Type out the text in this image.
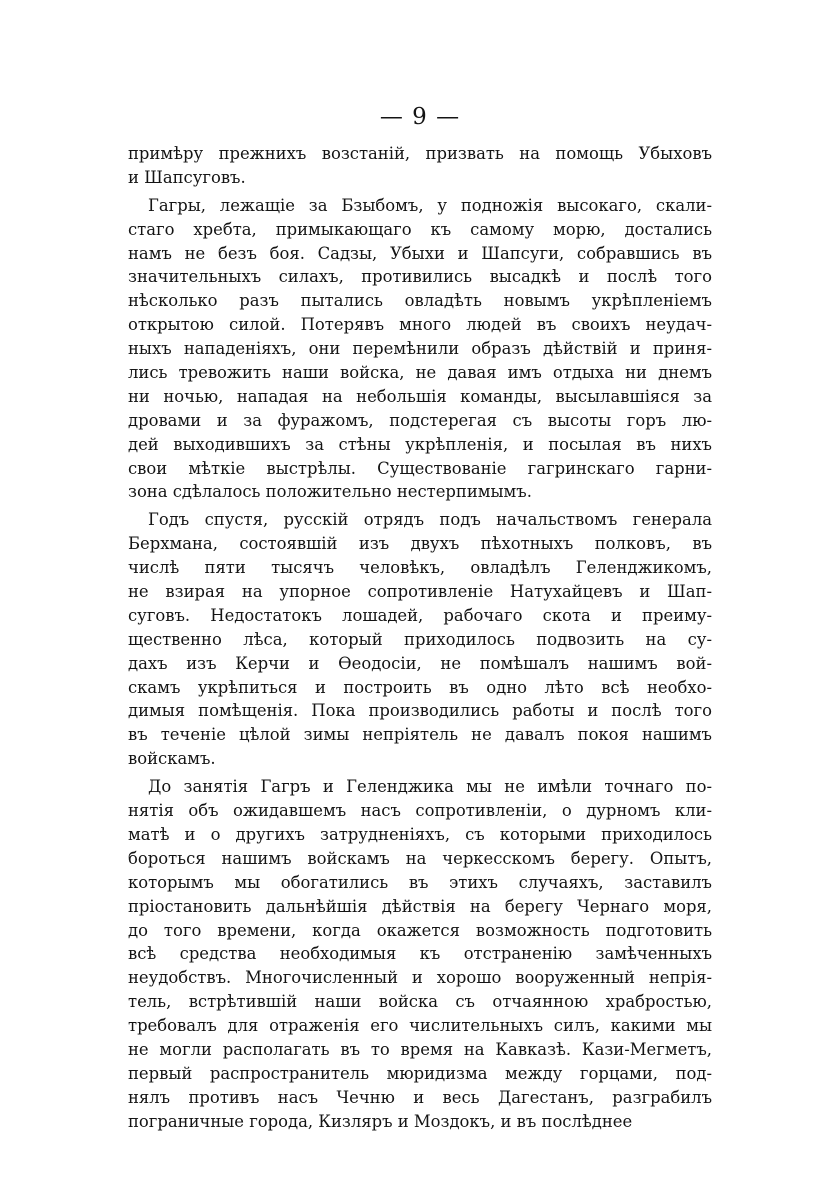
— 9 —
примѣру прежнихъ возстаній, призвать на помощь Убыховъ
и Шапсуговъ.
Гагры, лежащіе за Бзыбомъ, у подножія высокаго, скали-
стаго хребта, примыкающаго къ самому морю, достались
намъ не безъ боя. Садзы, Убыхи и Шапсуги, собравшись въ
значительныхъ силахъ, противились высадкѣ и послѣ того
нѣсколько разъ пытались овладѣть новымъ укрѣпленіемъ
открытою силой. Потерявъ много людей въ своихъ неудач-
ныхъ нападеніяхъ, они перемѣнили образъ дѣйствій и приня-
лись тревожить наши войска, не давая имъ отдыха ни днемъ
ни ночью, нападая на небольшія команды, высылавшіяся за
дровами и за фуражомъ, подстерегая съ высоты горъ лю-
дей выходившихъ за стѣны укрѣпленія, и посылая въ нихъ
свои мѣткіе выстрѣлы. Существованіе гагринскаго гарни-
зона сдѣлалось положительно нестерпимымъ.
Годъ спустя, русскій отрядъ подъ начальствомъ генерала
Берхмана, состоявшій изъ двухъ пѣхотныхъ полковъ, въ
числѣ пяти тысячъ человѣкъ, овладѣлъ Геленджикомъ,
не взирая на упорное сопротивленіе Натухайцевъ и Шап-
суговъ. Недостатокъ лошадей, рабочаго скота и преиму-
щественно лѣса, который приходилось подвозить на су-
дахъ изъ Керчи и Ѳеодосіи, не помѣшалъ нашимъ вой-
скамъ укрѣпиться и построить въ одно лѣто всѣ необхо-
димыя помѣщенія. Пока производились работы и послѣ того
въ теченіе цѣлой зимы непріятель не давалъ покоя нашимъ
войскамъ.
До занятія Гагръ и Геленджика мы не имѣли точнаго по-
нятія объ ожидавшемъ насъ сопротивленіи, о дурномъ кли-
матѣ и о другихъ затрудненіяхъ, съ которыми приходилось
бороться нашимъ войскамъ на черкесскомъ берегу. Опытъ,
которымъ мы обогатились въ этихъ случаяхъ, заставилъ
пріостановить дальнѣйшія дѣйствія на берегу Чернаго моря,
до того времени, когда окажется возможность подготовить
всѣ средства необходимыя къ отстраненію замѣченныхъ
неудобствъ. Многочисленный и хорошо вооруженный непрія-
тель, встрѣтившій наши войска съ отчаянною храбростью,
требовалъ для отраженія его числительныхъ силъ, какими мы
не могли располагать въ то время на Кавказѣ. Кази-Мегметъ,
первый распространитель мюридизма между горцами, под-
нялъ противъ насъ Чечню и весь Дагестанъ, разграбилъ
пограничные города, Кизляръ и Моздокъ, и въ послѣднее
